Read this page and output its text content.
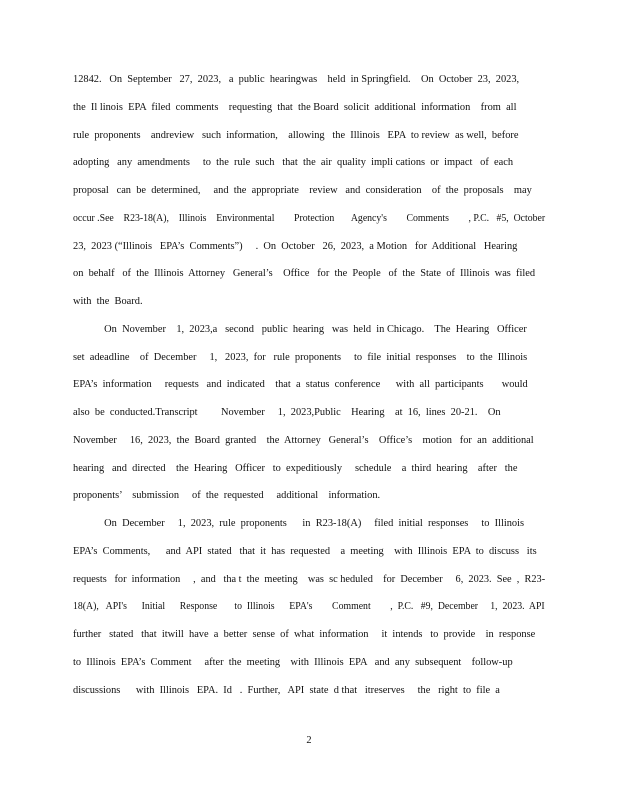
12842.   On  September   27,  2023,   a  public  hearingwas    held  in Springfield.    On  October  23,  2023,
the  Il linois  EPA  filed  comments    requesting  that  the Board  solicit  additional  information    from  all
rule  proponents    andreview   such  information,    allowing   the  Illinois   EPA  to review  as well,  before
adopting   any  amendments     to  the  rule  such   that  the  air  quality  impli cations  or  impact   of  each
proposal   can  be  determined,     and  the  appropriate    review   and  consideration    of  the  proposals    may
occur .See    R23-18(A),    Illinois    Environmental        Protection       Agency's        Comments        , P.C.   #5,  October
23,  2023 (“Illinois   EPA’s  Comments”)     .  On  October   26,  2023,  a Motion   for  Additional   Hearing
on  behalf   of  the  Illinois  Attorney   General’s    Office   for  the  People   of  the  State  of  Illinois  was  filed
with  the  Board.
On  November    1,  2023,a   second   public  hearing   was  held  in Chicago.    The  Hearing   Officer
set  adeadline    of  December     1,   2023,  for   rule  proponents     to  file  initial  responses    to  the  Illinois
EPA’s  information     requests   and  indicated    that  a  status  conference      with  all  participants       would
also  be  conducted.Transcript         November     1,  2023,Public    Hearing    at  16,  lines  20-21.    On
November     16,  2023,  the  Board  granted    the  Attorney   General’s    Office’s    motion   for  an  additional
hearing   and  directed    the  Hearing   Officer   to  expeditiously     schedule    a  third  hearing    after   the
proponents’    submission     of  the  requested     additional    information.
On  December     1,  2023,  rule  proponents      in  R23-18(A)     filed  initial  responses     to  Illinois
EPA’s  Comments,      and  API  stated   that  it  has  requested    a  meeting    with  Illinois  EPA  to  discuss   its
requests   for  information     ,  and   tha t  the  meeting    was  sc heduled    for  December     6,  2023.  See  ,  R23-
18(A),   API's      Initial      Response       to  Illinois      EPA's        Comment        ,  P.C.   #9,  December     1,  2023.  API
further   stated   that  itwill  have  a  better  sense  of  what  information     it  intends   to  provide    in  response
to  Illinois  EPA’s  Comment     after  the  meeting    with  Illinois  EPA   and  any  subsequent    follow-up
discussions      with  Illinois   EPA.  Id   .  Further,   API  state  d that   itreserves     the   right  to  file  a
2
